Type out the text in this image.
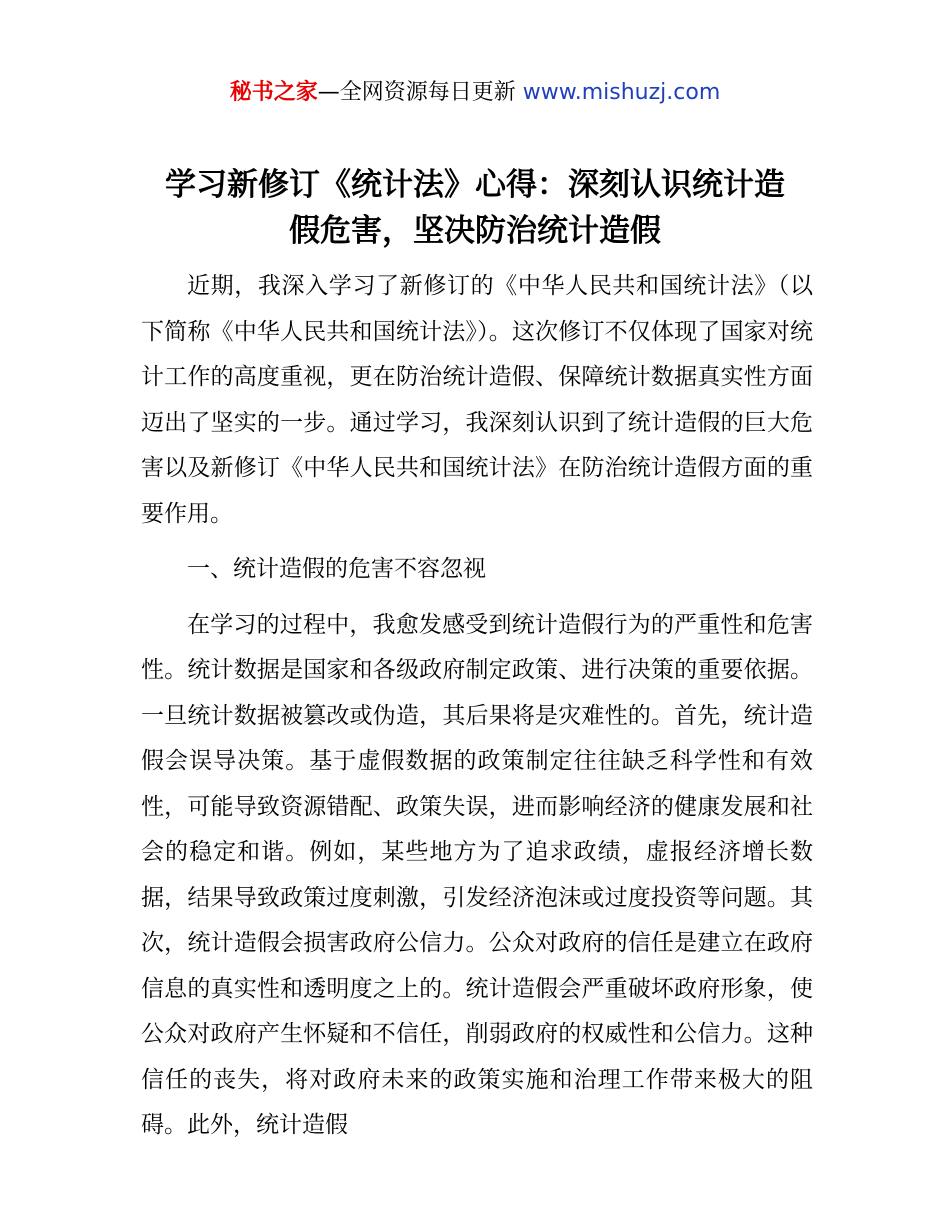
秘书之家—全网资源每日更新 www.mishuzj.com
学习新修订《统计法》心得：深刻认识统计造
假危害，坚决防治统计造假

近期，我深入学习了新修订的《中华人民共和国统计法》（以下简称《中华人民共和国统计法》）。这次修订不仅体现了国家对统计工作的高度重视，更在防治统计造假、保障统计数据真实性方面迈出了坚实的一步。通过学习，我深刻认识到了统计造假的巨大危害以及新修订《中华人民共和国统计法》在防治统计造假方面的重要作用。

一、统计造假的危害不容忽视

在学习的过程中，我愈发感受到统计造假行为的严重性和危害性。统计数据是国家和各级政府制定政策、进行决策的重要依据。一旦统计数据被篡改或伪造，其后果将是灾难性的。首先，统计造假会误导决策。基于虚假数据的政策制定往往缺乏科学性和有效性，可能导致资源错配、政策失误，进而影响经济的健康发展和社会的稳定和谐。例如，某些地方为了追求政绩，虚报经济增长数据，结果导致政策过度刺激，引发经济泡沫或过度投资等问题。其次，统计造假会损害政府公信力。公众对政府的信任是建立在政府信息的真实性和透明度之上的。统计造假会严重破坏政府形象，使公众对政府产生怀疑和不信任，削弱政府的权威性和公信力。这种信任的丧失，将对政府未来的政策实施和治理工作带来极大的阻碍。此外，统计造假
